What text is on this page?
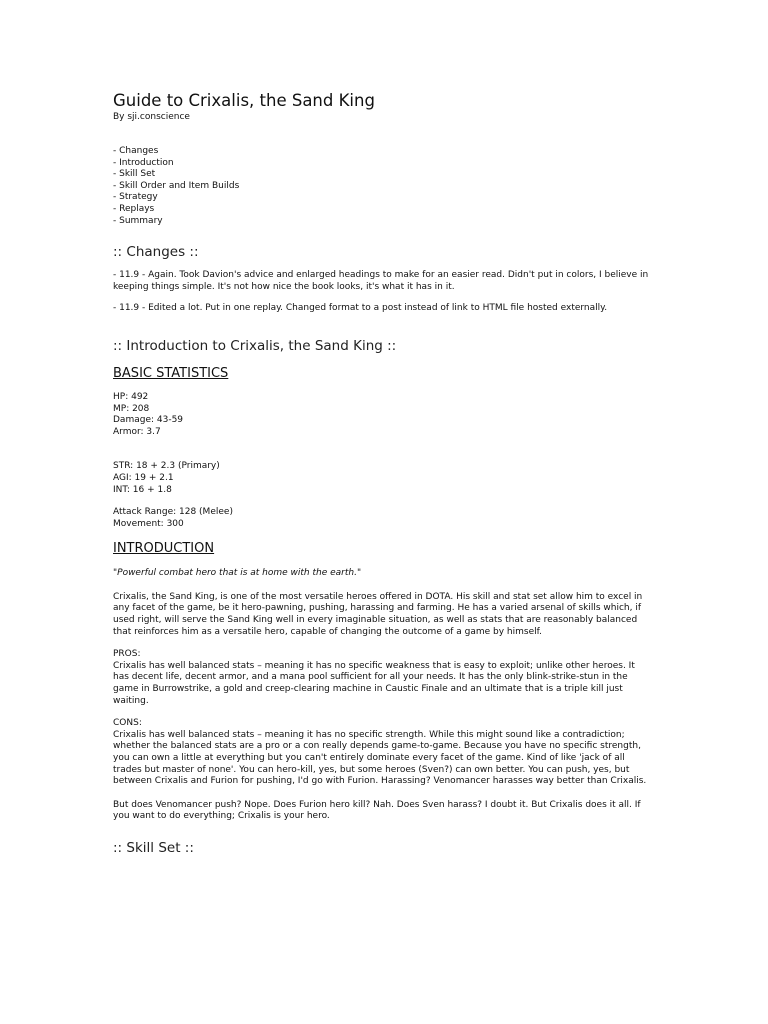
Guide to Crixalis, the Sand King

By sji.conscience

- Changes
- Introduction
- Skill Set
- Skill Order and Item Builds
- Strategy
- Replays
- Summary
:: Changes ::

- 11.9 - Again. Took Davion's advice and enlarged headings to make for an easier read. Didn't put in colors, I believe in keeping things simple. It's not how nice the book looks, it's what it has in it.

- 11.9 - Edited a lot. Put in one replay. Changed format to a post instead of link to HTML file hosted externally.

:: Introduction to Crixalis, the Sand King ::
BASIC STATISTICS

HP: 492

MP: 208

Damage: 43-59

Armor: 3.7

STR: 18 + 2.3 (Primary)

AGI: 19 + 2.1

INT: 16 + 1.8

Attack Range: 128 (Melee)

Movement: 300

INTRODUCTION

"Powerful combat hero that is at home with the earth."

Crixalis, the Sand King, is one of the most versatile heroes offered in DOTA. His skill and stat set allow him to excel in any facet of the game, be it hero-pawning, pushing, harassing and farming. He has a varied arsenal of skills which, if used right, will serve the Sand King well in every imaginable situation, as well as stats that are reasonably balanced that reinforces him as a versatile hero, capable of changing the outcome of a game by himself.

PROS:

Crixalis has well balanced stats – meaning it has no specific weakness that is easy to exploit; unlike other heroes. It has decent life, decent armor, and a mana pool sufficient for all your needs. It has the only blink-strike-stun in the game in Burrowstrike, a gold and creep-clearing machine in Caustic Finale and an ultimate that is a triple kill just waiting.

CONS:

Crixalis has well balanced stats – meaning it has no specific strength. While this might sound like a contradiction; whether the balanced stats are a pro or a con really depends game-to-game. Because you have no specific strength, you can own a little at everything but you can't entirely dominate every facet of the game. Kind of like 'jack of all trades but master of none'. You can hero-kill, yes, but some heroes (Sven?) can own better. You can push, yes, but between Crixalis and Furion for pushing, I'd go with Furion. Harassing? Venomancer harasses way better than Crixalis.

But does Venomancer push? Nope. Does Furion hero kill? Nah. Does Sven harass? I doubt it. But Crixalis does it all. If you want to do everything; Crixalis is your hero.

:: Skill Set ::
